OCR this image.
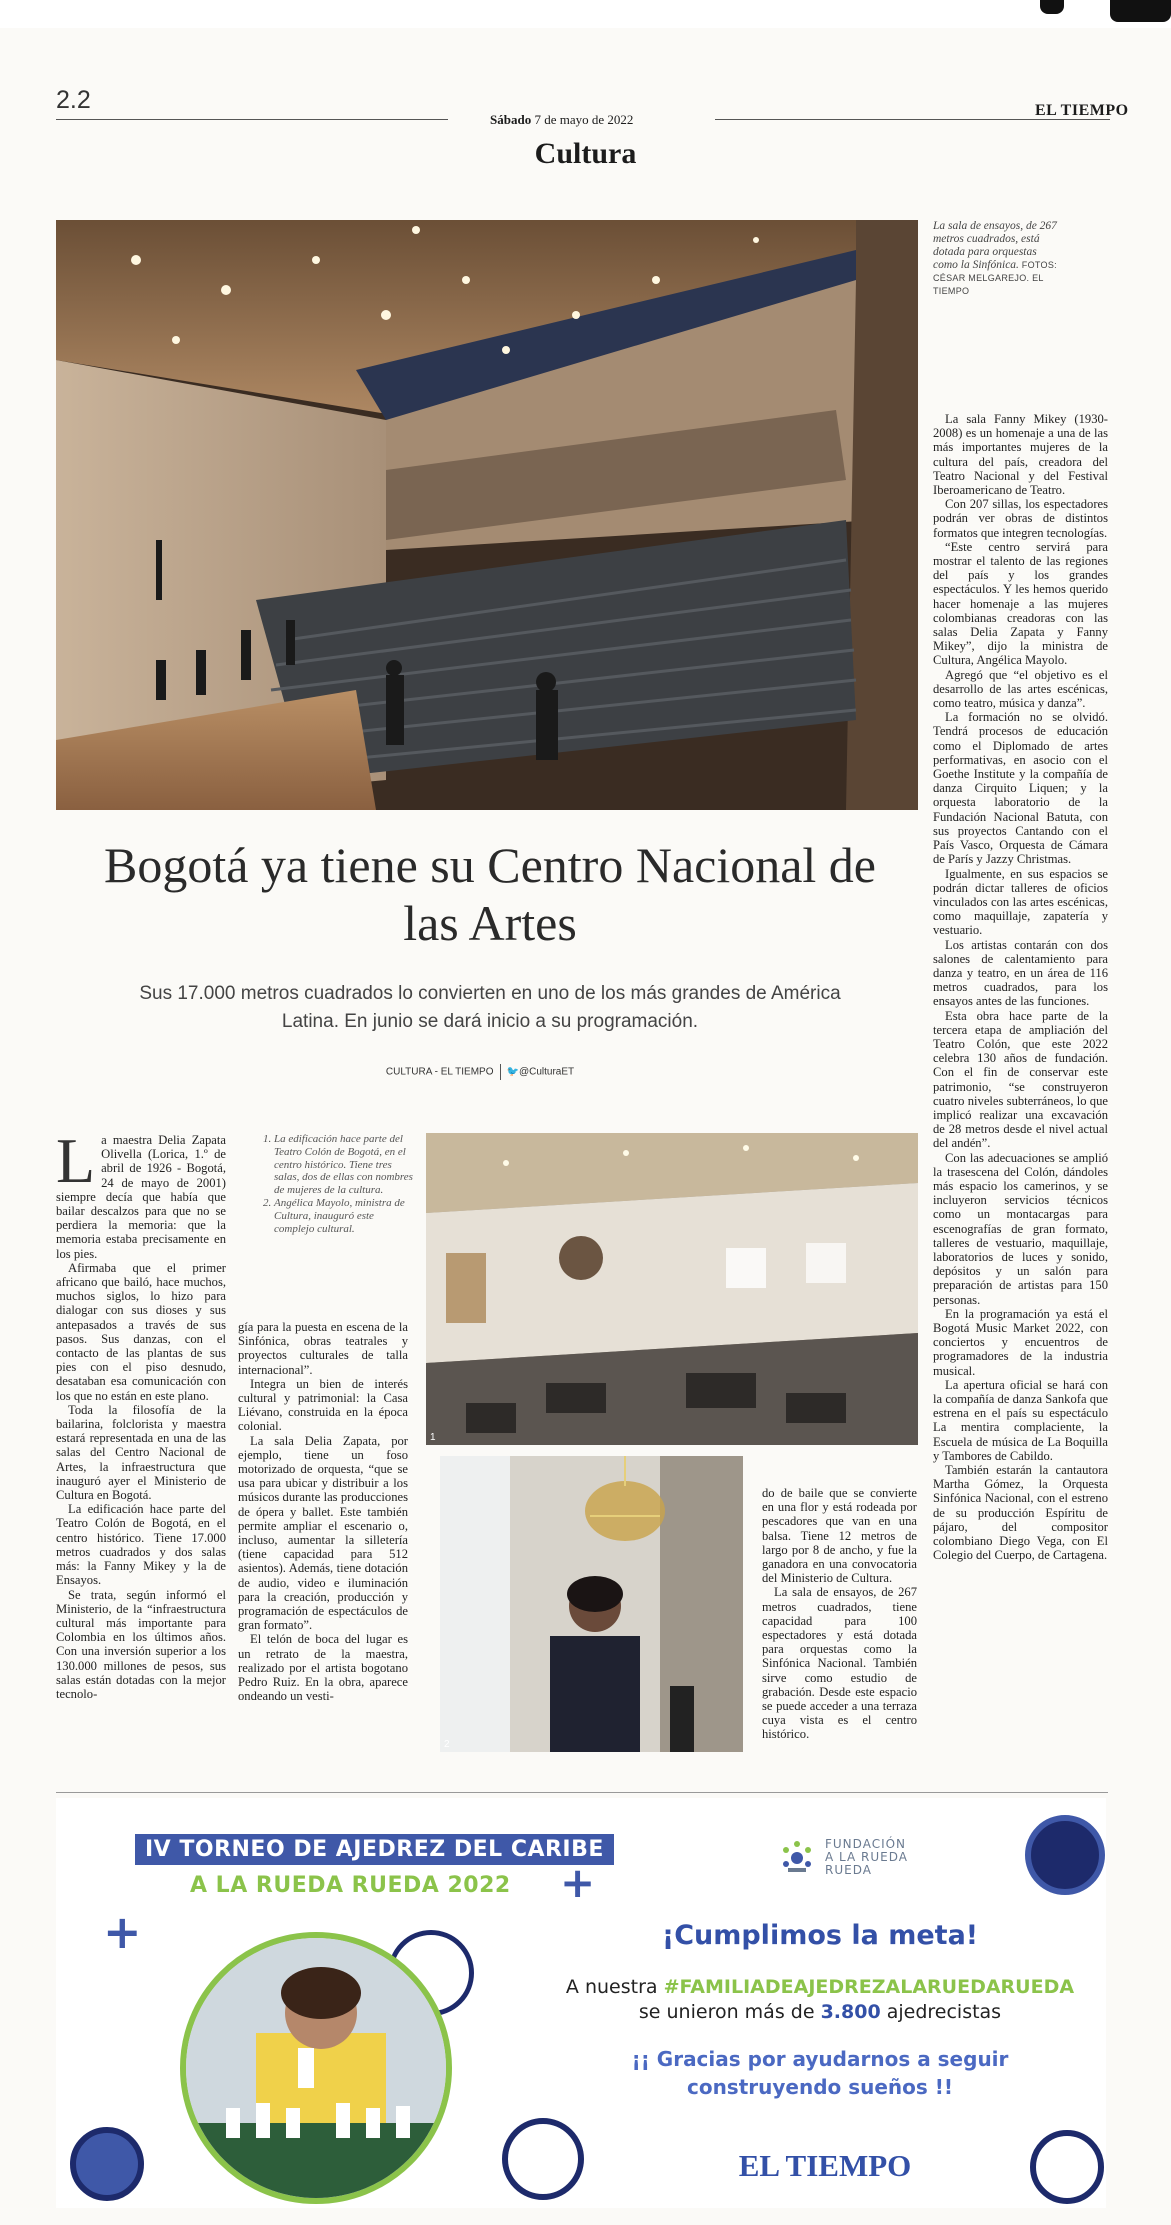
2.2
Sábado 7 de mayo de 2022
EL TIEMPO
Cultura
La sala de ensayos, de 267 metros cuadrados, está dotada para orquestas como la Sinfónica. FOTOS: CÉSAR MELGAREJO. EL TIEMPO
Bogotá ya tiene su Centro Nacional de las Artes
Sus 17.000 metros cuadrados lo convierten en uno de los más grandes de América Latina. En junio se dará inicio a su programación.
CULTURA - EL TIEMPO 🐦@CulturaET
L a maestra Delia Zapata Olivella (Lorica, 1.º de abril de 1926 - Bogotá, 24 de mayo de 2001) siempre decía que había que bailar descalzos para que no se perdiera la memoria: que la memoria estaba precisamente en los pies.

Afirmaba que el primer africano que bailó, hace muchos, muchos siglos, lo hizo para dialogar con sus dioses y sus antepasados a través de sus pasos. Sus danzas, con el contacto de las plantas de sus pies con el piso desnudo, desataban esa comunicación con los que no están en este plano.

Toda la filosofía de la bailarina, folclorista y maestra estará representada en una de las salas del Centro Nacional de Artes, la infraestructura que inauguró ayer el Ministerio de Cultura en Bogotá.

La edificación hace parte del Teatro Colón de Bogotá, en el centro histórico. Tiene 17.000 metros cuadrados y dos salas más: la Fanny Mikey y la de Ensayos.

Se trata, según informó el Ministerio, de la “infraestructura cultural más importante para Colombia en los últimos años. Con una inversión superior a los 130.000 millones de pesos, sus salas están dotadas con la mejor tecnolo-

1. La edificación hace parte del Teatro Colón de Bogotá, en el centro histórico. Tiene tres salas, dos de ellas con nombres de mujeres de la cultura.
2. Angélica Mayolo, ministra de Cultura, inauguró este complejo cultural.

gía para la puesta en escena de la Sinfónica, obras teatrales y proyectos culturales de talla internacional”.

Integra un bien de interés cultural y patrimonial: la Casa Liévano, construida en la época colonial.

La sala Delia Zapata, por ejemplo, tiene un foso motorizado de orquesta, “que se usa para ubicar y distribuir a los músicos durante las producciones de ópera y ballet. Este también permite ampliar el escenario o, incluso, aumentar la silletería (tiene capacidad para 512 asientos). Además, tiene dotación de audio, video e iluminación para la creación, producción y programación de espectáculos de gran formato”.

El telón de boca del lugar es un retrato de la maestra, realizado por el artista bogotano Pedro Ruiz. En la obra, aparece ondeando un vesti-

1
2

do de baile que se convierte en una flor y está rodeada por pescadores que van en una balsa. Tiene 12 metros de largo por 8 de ancho, y fue la ganadora en una convocatoria del Ministerio de Cultura.

La sala de ensayos, de 267 metros cuadrados, tiene capacidad para 100 espectadores y está dotada para orquestas como la Sinfónica Nacional. También sirve como estudio de grabación. Desde este espacio se puede acceder a una terraza cuya vista es el centro histórico.

La sala Fanny Mikey (1930-2008) es un homenaje a una de las más importantes mujeres de la cultura del país, creadora del Teatro Nacional y del Festival Iberoamericano de Teatro.

Con 207 sillas, los espectadores podrán ver obras de distintos formatos que integren tecnologías.

“Este centro servirá para mostrar el talento de las regiones del país y los grandes espectáculos. Y les hemos querido hacer homenaje a las mujeres colombianas creadoras con las salas Delia Zapata y Fanny Mikey”, dijo la ministra de Cultura, Angélica Mayolo.

Agregó que “el objetivo es el desarrollo de las artes escénicas, como teatro, música y danza”.

La formación no se olvidó. Tendrá procesos de educación como el Diplomado de artes performativas, en asocio con el Goethe Institute y la compañía de danza Cirquito Liquen; y la orquesta laboratorio de la Fundación Nacional Batuta, con sus proyectos Cantando con el País Vasco, Orquesta de Cámara de París y Jazzy Christmas.

Igualmente, en sus espacios se podrán dictar talleres de oficios vinculados con las artes escénicas, como maquillaje, zapatería y vestuario.

Los artistas contarán con dos salones de calentamiento para danza y teatro, en un área de 116 metros cuadrados, para los ensayos antes de las funciones.

Esta obra hace parte de la tercera etapa de ampliación del Teatro Colón, que este 2022 celebra 130 años de fundación. Con el fin de conservar este patrimonio, “se construyeron cuatro niveles subterráneos, lo que implicó realizar una excavación de 28 metros desde el nivel actual del andén”.

Con las adecuaciones se amplió la trasescena del Colón, dándoles más espacio los camerinos, y se incluyeron servicios técnicos como un montacargas para escenografías de gran formato, talleres de vestuario, maquillaje, laboratorios de luces y sonido, depósitos y un salón para preparación de artistas para 150 personas.

En la programación ya está el Bogotá Music Market 2022, con conciertos y encuentros de programadores de la industria musical.

La apertura oficial se hará con la compañía de danza Sankofa que estrena en el país su espectáculo La mentira complaciente, la Escuela de música de La Boquilla y Tambores de Cabildo.

También estarán la cantautora Martha Gómez, la Orquesta Sinfónica Nacional, con el estreno de su producción Espíritu de pájaro, del compositor colombiano Diego Vega, con El Colegio del Cuerpo, de Cartagena.

IV TORNEO DE AJEDREZ DEL CARIBE
A LA RUEDA RUEDA 2022
+
+
FUNDACIÓN
A LA RUEDA
RUEDA
¡Cumplimos la meta!
A nuestra #FAMILIADEAJEDREZALARUEDARUEDA
se unieron más de 3.800 ajedrecistas
¡¡ Gracias por ayudarnos a seguir
construyendo sueños !!
EL TIEMPO
